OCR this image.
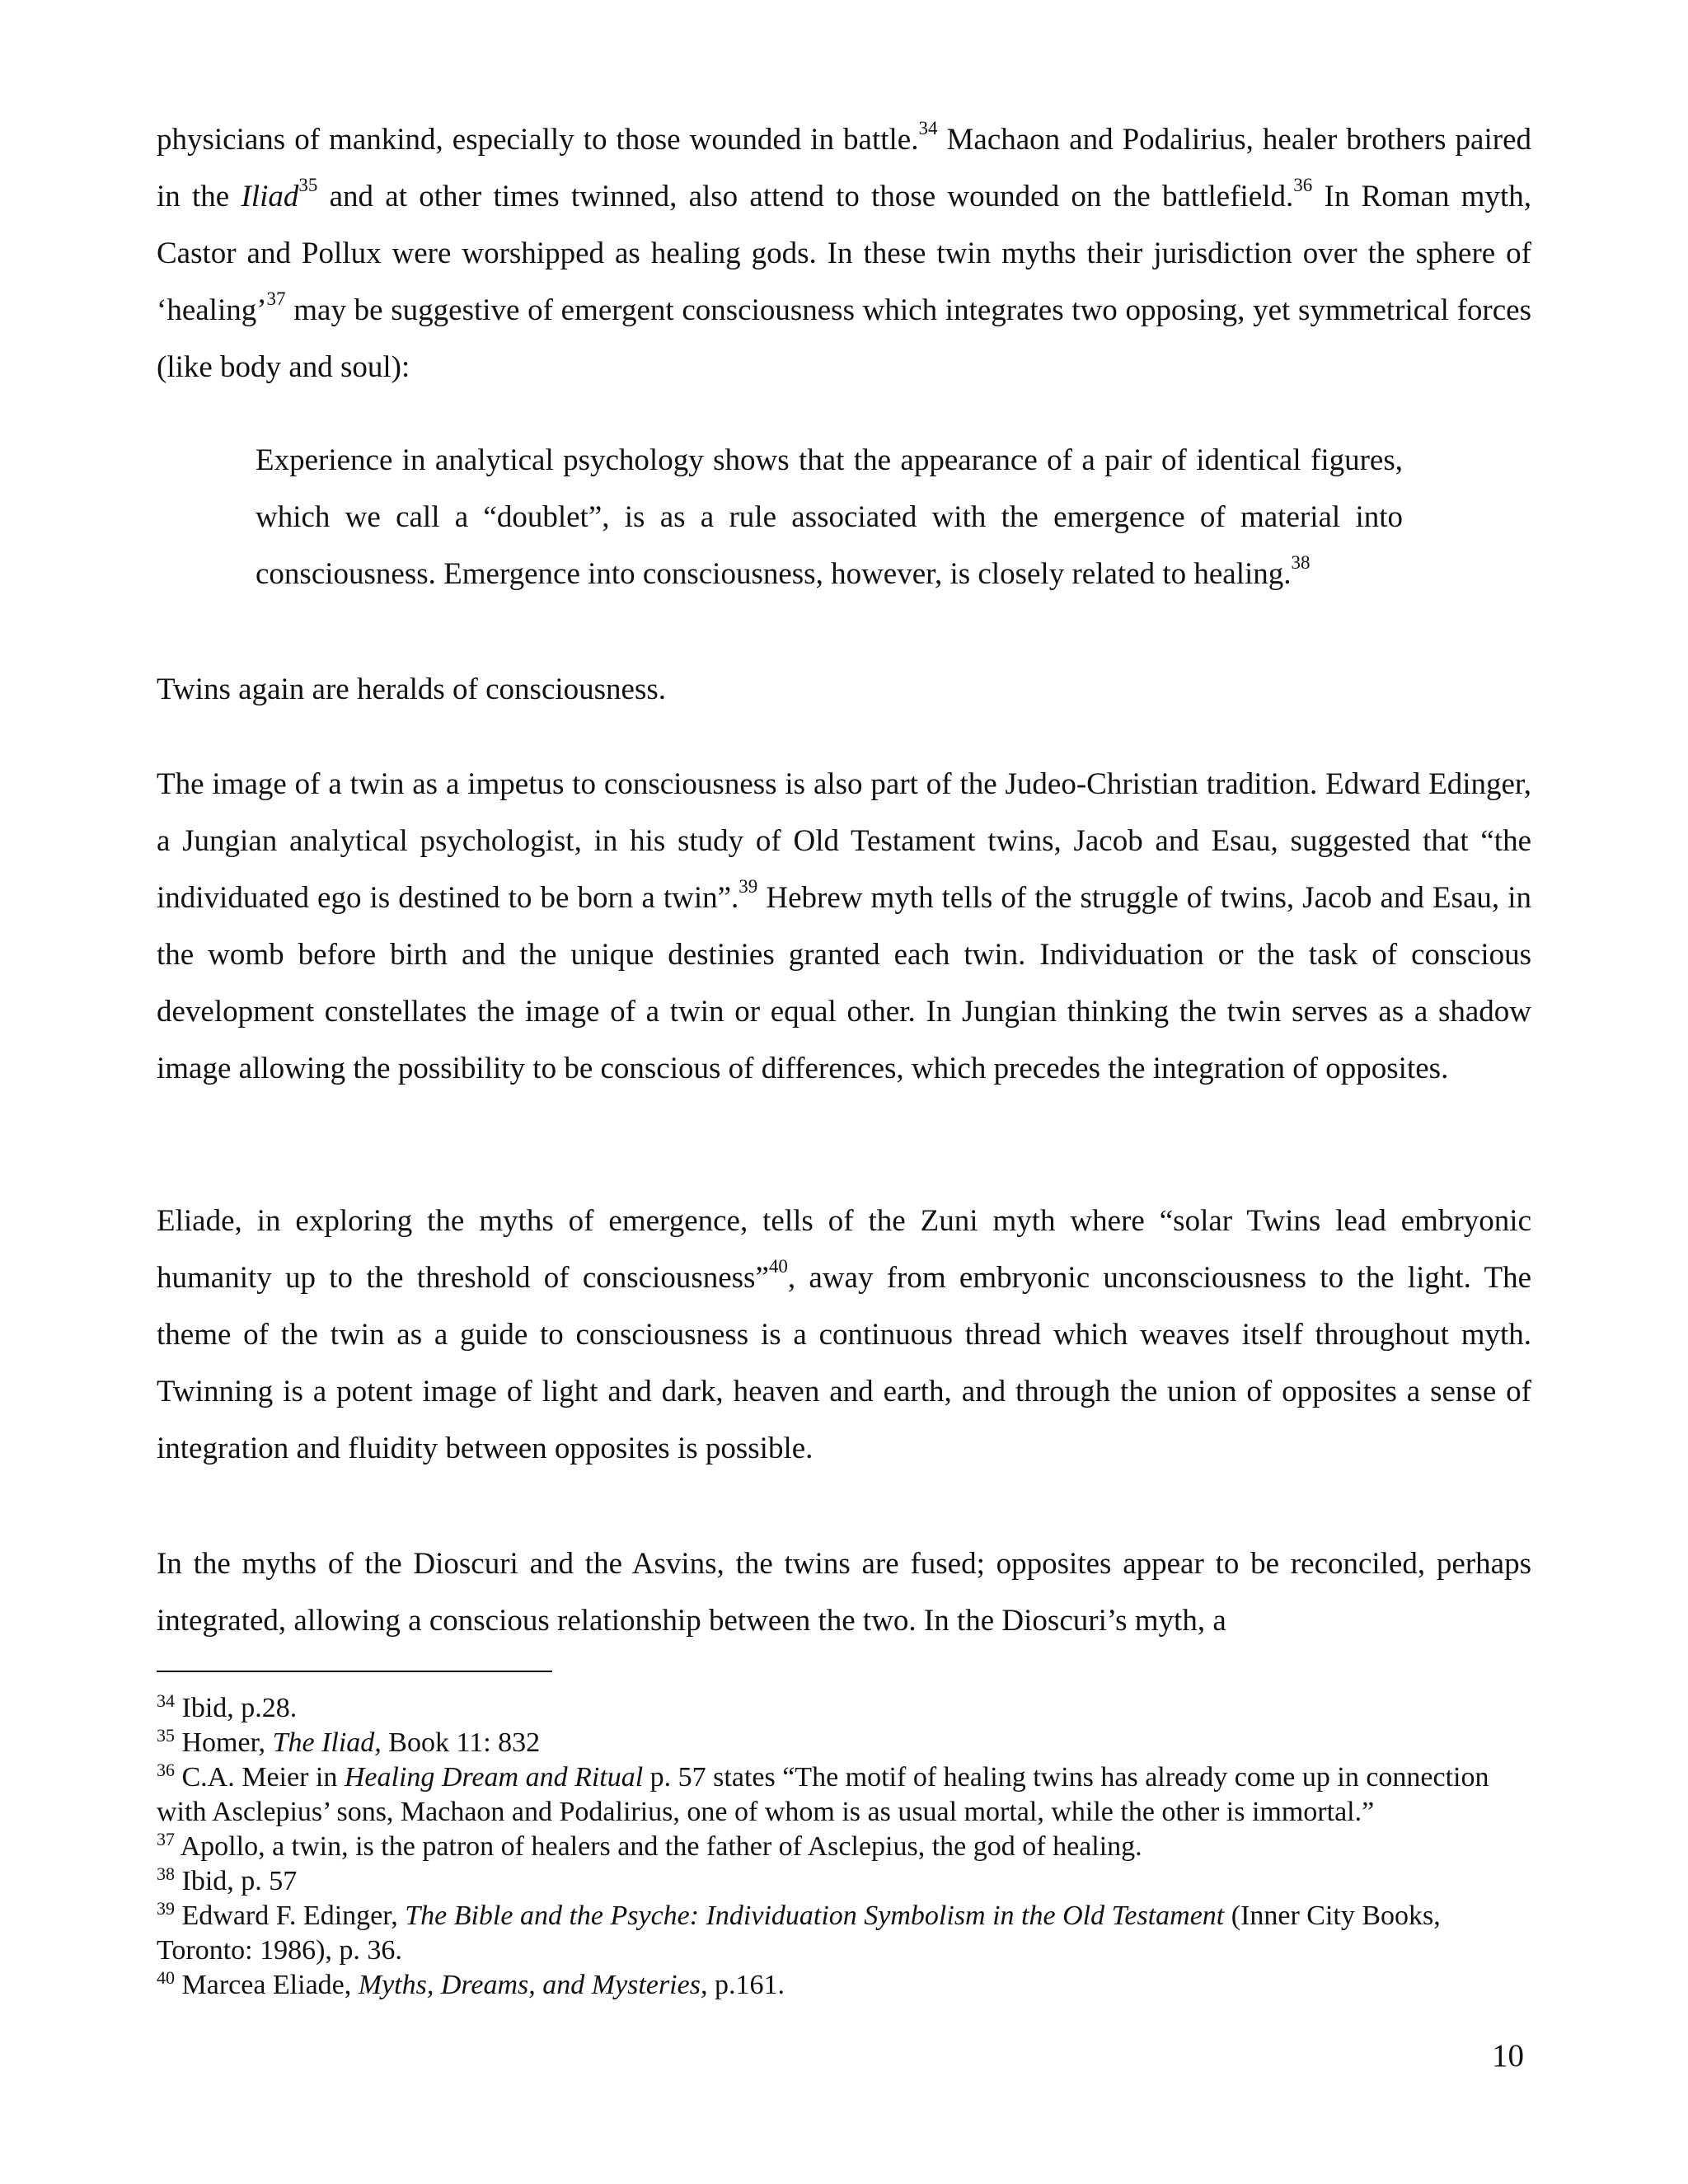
physicians of mankind, especially to those wounded in battle.$^{34}$ Machaon and Podalirius, healer brothers paired in the Iliad$^{35}$ and at other times twinned, also attend to those wounded on the battlefield.$^{36}$ In Roman myth, Castor and Pollux were worshipped as healing gods. In these twin myths their jurisdiction over the sphere of ‘healing’$^{37}$ may be suggestive of emergent consciousness which integrates two opposing, yet symmetrical forces (like body and soul):

Experience in analytical psychology shows that the appearance of a pair of identical figures, which we call a “doublet”, is as a rule associated with the emergence of material into consciousness. Emergence into consciousness, however, is closely related to healing.$^{38}$

Twins again are heralds of consciousness.

The image of a twin as a impetus to consciousness is also part of the Judeo-Christian tradition. Edward Edinger, a Jungian analytical psychologist, in his study of Old Testament twins, Jacob and Esau, suggested that “the individuated ego is destined to be born a twin”.$^{39}$ Hebrew myth tells of the struggle of twins, Jacob and Esau, in the womb before birth and the unique destinies granted each twin. Individuation or the task of conscious development constellates the image of a twin or equal other. In Jungian thinking the twin serves as a shadow image allowing the possibility to be conscious of differences, which precedes the integration of opposites.

Eliade, in exploring the myths of emergence, tells of the Zuni myth where “solar Twins lead embryonic humanity up to the threshold of consciousness”$^{40}$, away from embryonic unconsciousness to the light. The theme of the twin as a guide to consciousness is a continuous thread which weaves itself throughout myth. Twinning is a potent image of light and dark, heaven and earth, and through the union of opposites a sense of integration and fluidity between opposites is possible.

In the myths of the Dioscuri and the Asvins, the twins are fused; opposites appear to be reconciled, perhaps integrated, allowing a conscious relationship between the two. In the Dioscuri’s myth, a

$^{34}$ Ibid, p.28.

$^{35}$ Homer, The Iliad, Book 11: 832

$^{36}$ C.A. Meier in Healing Dream and Ritual p. 57 states “The motif of healing twins has already come up in connection with Asclepius’ sons, Machaon and Podalirius, one of whom is as usual mortal, while the other is immortal.”

$^{37}$ Apollo, a twin, is the patron of healers and the father of Asclepius, the god of healing.

$^{38}$ Ibid, p. 57

$^{39}$ Edward F. Edinger, The Bible and the Psyche: Individuation Symbolism in the Old Testament (Inner City Books, Toronto: 1986), p. 36.

$^{40}$ Marcea Eliade, Myths, Dreams, and Mysteries, p.161.

10
